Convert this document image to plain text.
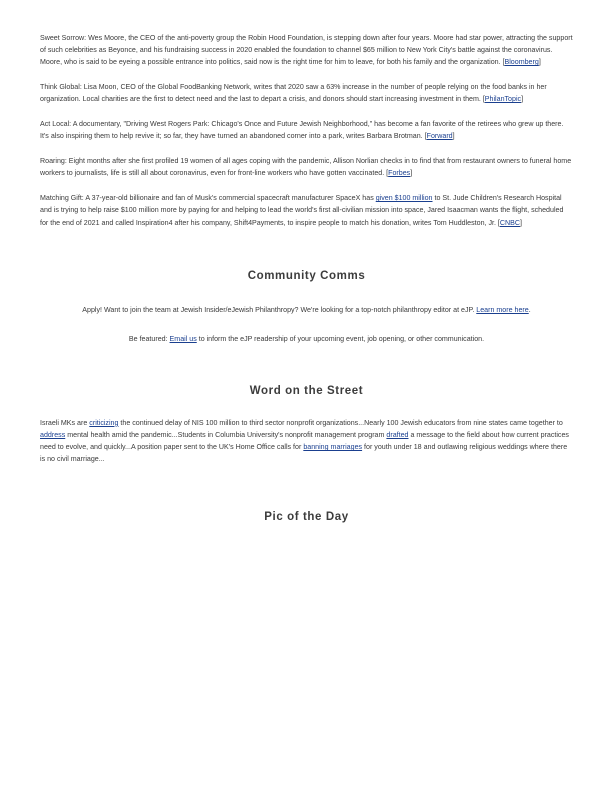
Sweet Sorrow: Wes Moore, the CEO of the anti-poverty group the Robin Hood Foundation, is stepping down after four years. Moore had star power, attracting the support of such celebrities as Beyonce, and his fundraising success in 2020 enabled the foundation to channel $65 million to New York City's battle against the coronavirus. Moore, who is said to be eyeing a possible entrance into politics, said now is the right time for him to leave, for both his family and the organization. [Bloomberg]
Think Global: Lisa Moon, CEO of the Global FoodBanking Network, writes that 2020 saw a 63% increase in the number of people relying on the food banks in her organization. Local charities are the first to detect need and the last to depart a crisis, and donors should start increasing investment in them. [PhilanTopic]
Act Local: A documentary, "Driving West Rogers Park: Chicago's Once and Future Jewish Neighborhood," has become a fan favorite of the retirees who grew up there. It's also inspiring them to help revive it; so far, they have turned an abandoned corner into a park, writes Barbara Brotman. [Forward]
Roaring: Eight months after she first profiled 19 women of all ages coping with the pandemic, Allison Norlian checks in to find that from restaurant owners to funeral home workers to journalists, life is still all about coronavirus, even for front-line workers who have gotten vaccinated. [Forbes]
Matching Gift: A 37-year-old billionaire and fan of Musk's commercial spacecraft manufacturer SpaceX has given $100 million to St. Jude Children's Research Hospital and is trying to help raise $100 million more by paying for and helping to lead the world's first all-civilian mission into space, Jared Isaacman wants the flight, scheduled for the end of 2021 and called Inspiration4 after his company, Shift4Payments, to inspire people to match his donation, writes Tom Huddleston, Jr. [CNBC]
Community Comms

Apply! Want to join the team at Jewish Insider/eJewish Philanthropy? We're looking for a top-notch philanthropy editor at eJP. Learn more here.

Be featured: Email us to inform the eJP readership of your upcoming event, job opening, or other communication.

Word on the Street

Israeli MKs are criticizing the continued delay of NIS 100 million to third sector nonprofit organizations...Nearly 100 Jewish educators from nine states came together to address mental health amid the pandemic...Students in Columbia University's nonprofit management program drafted a message to the field about how current practices need to evolve, and quickly...A position paper sent to the UK's Home Office calls for banning marriages for youth under 18 and outlawing religious weddings where there is no civil marriage...

Pic of the Day
